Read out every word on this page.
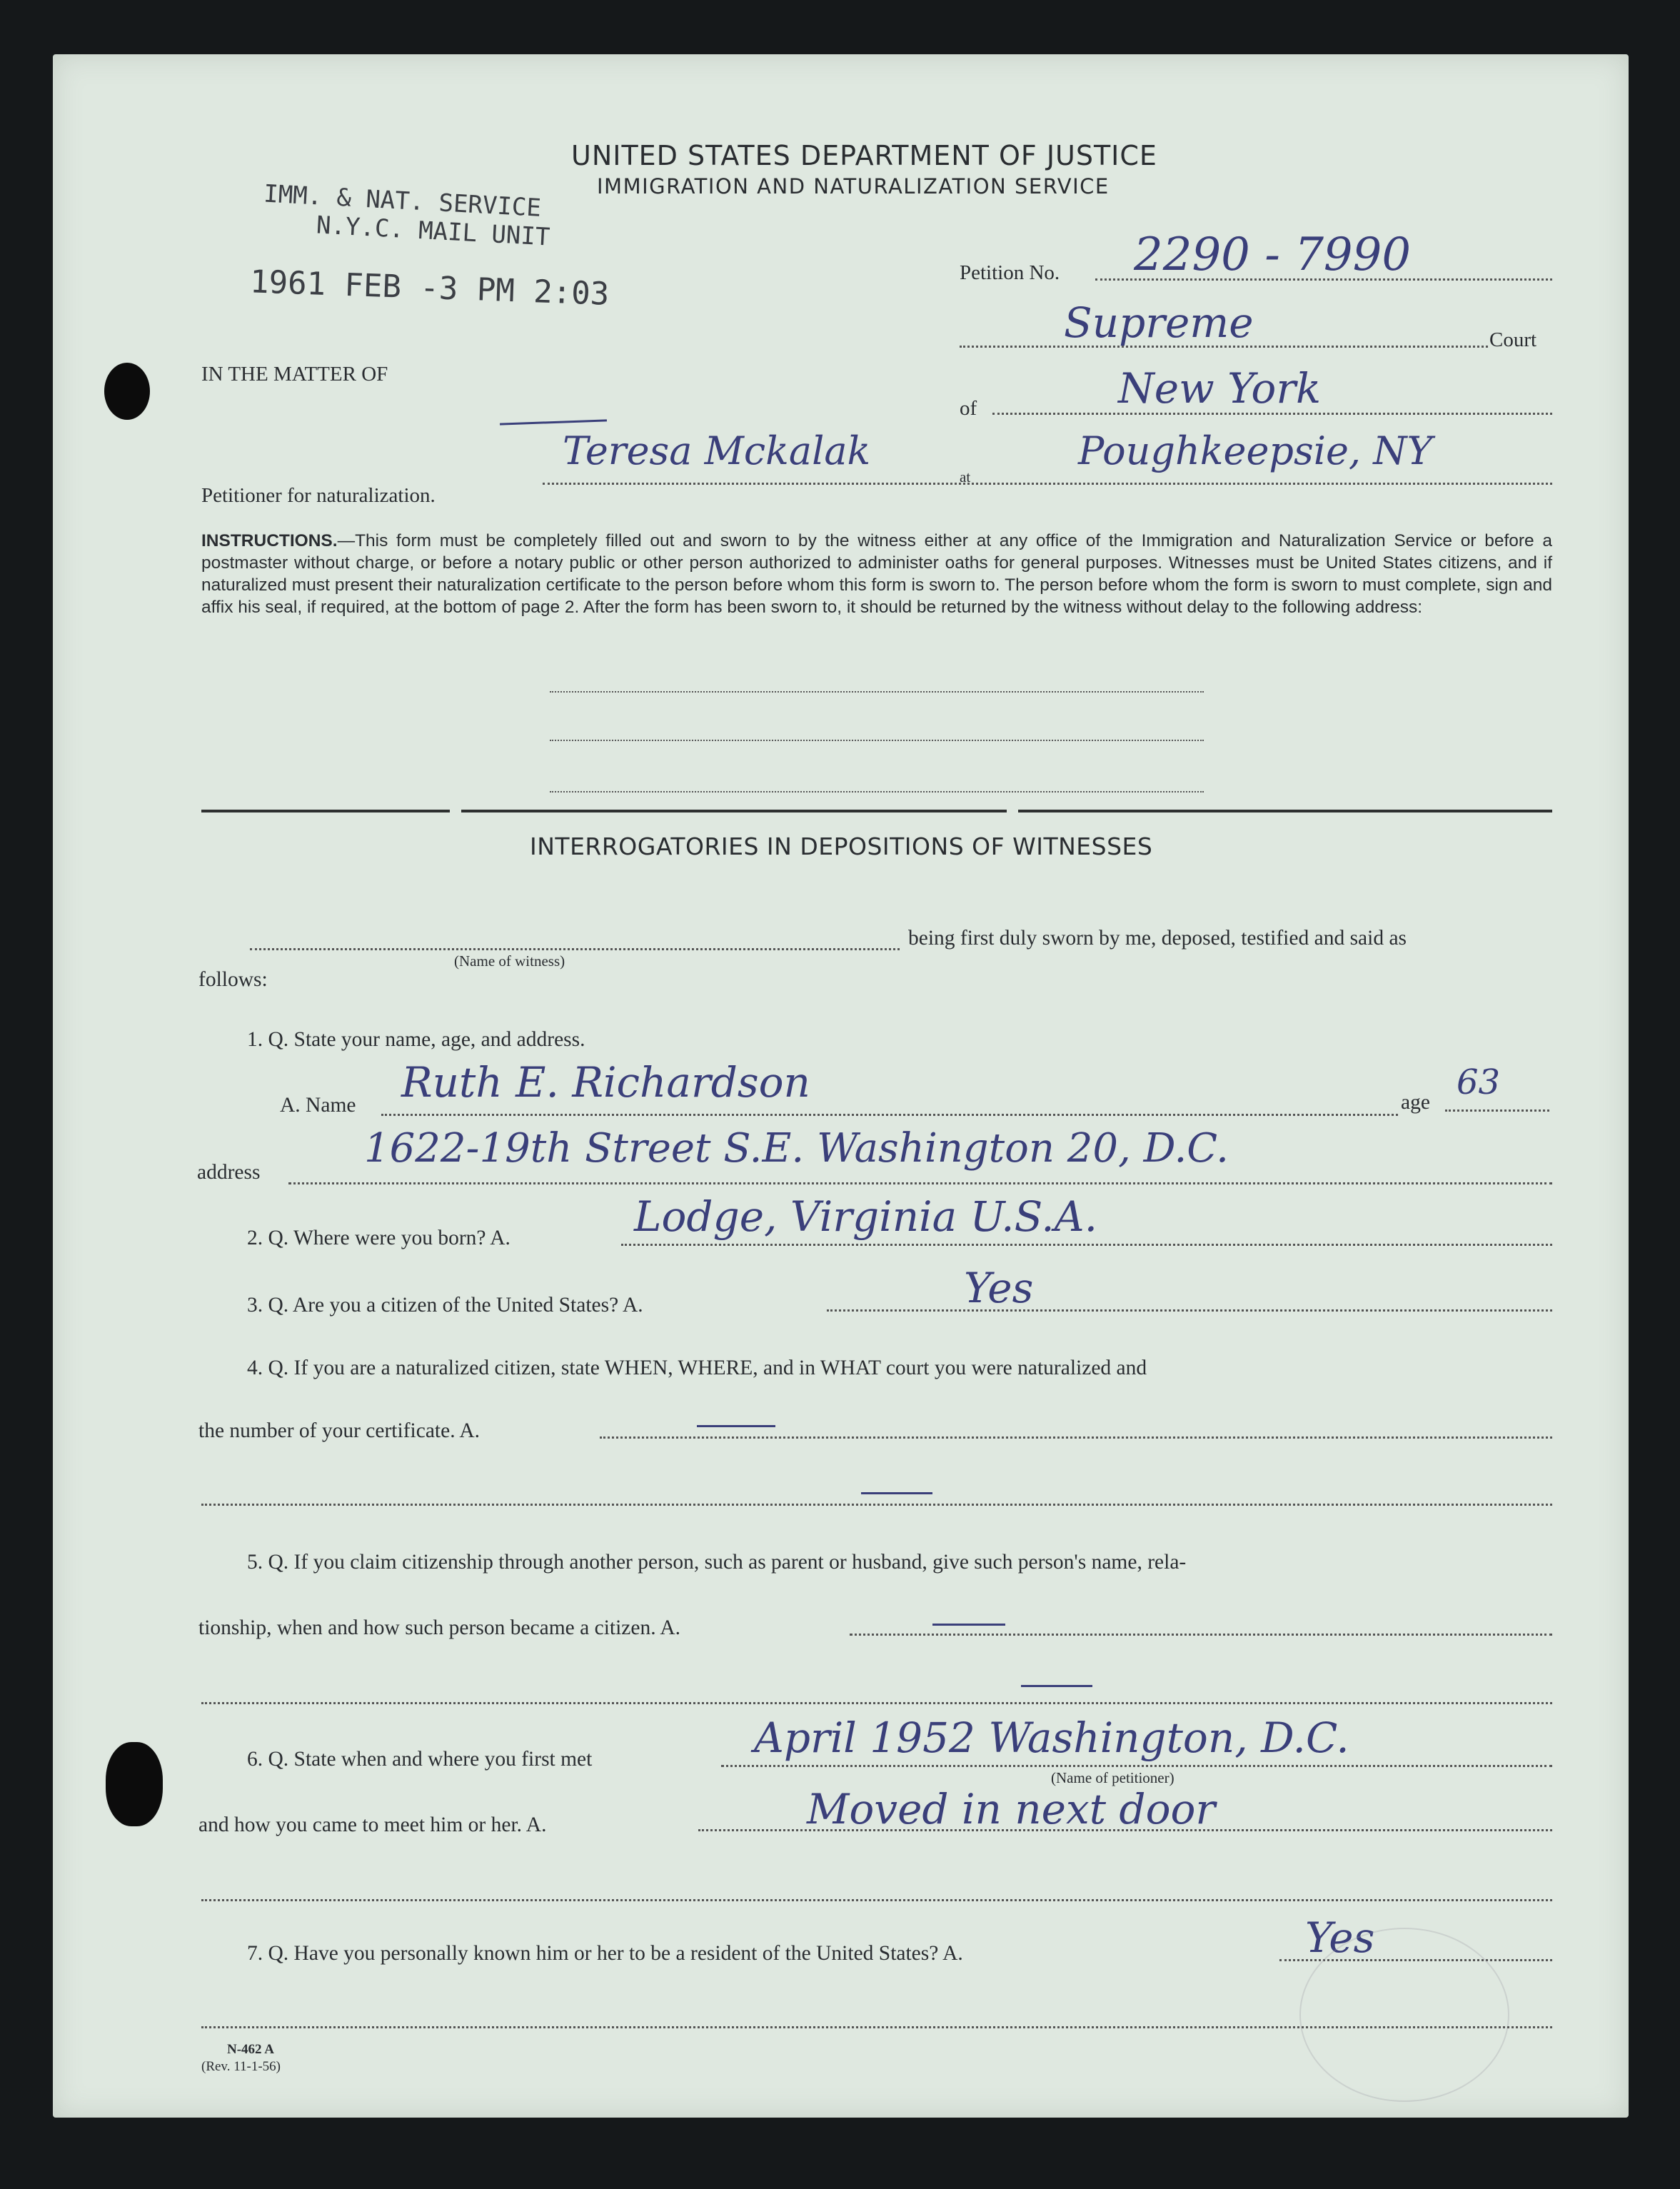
UNITED STATES DEPARTMENT OF JUSTICE
IMMIGRATION AND NATURALIZATION SERVICE
IMM. & NAT. SERVICE
N.Y.C. MAIL UNIT
1961 FEB -3 PM 2:03	Petition No. 2290 - 7990
Supreme	Court
of	New York
IN THE MATTER OF
Teresa Mckalak
at
Poughkeepsie, NY
Petitioner for naturalization.
INSTRUCTIONS.—This form must be completely filled out and sworn to by the witness either at any office of the Immigration and Naturalization Service or before a postmaster without charge, or before a notary public or other person authorized to administer oaths for general purposes. Witnesses must be United States citizens, and if naturalized must present their naturalization certificate to the person before whom this form is sworn to. The person before whom the form is sworn to must complete, sign and affix his seal, if required, at the bottom of page 2. After the form has been sworn to, it should be returned by the witness without delay to the following address:
INTERROGATORIES IN DEPOSITIONS OF WITNESSES
being first duly sworn by me, deposed, testified and said as
(Name of witness)
follows:
1. Q. State your name, age, and address.
A. Name Ruth E. Richardson	age 63
address
1622-19th Street S.E. Washington 20, D.C.
2. Q. Where were you born? A.	Lodge, Virginia U.S.A.
3. Q. Are you a citizen of the United States? A.	Yes
4. Q. If you are a naturalized citizen, state WHEN, WHERE, and in WHAT court you were naturalized and
the number of your certificate. A.
5. Q. If you claim citizenship through another person, such as parent or husband, give such person's name, rela-
tionship, when and how such person became a citizen. A.
6. Q. State when and where you first met	April 1952 Washington, D.C.
(Name of petitioner)
and how you came to meet him or her. A.	Moved in next door
7. Q. Have you personally known him or her to be a resident of the United States? A.	Yes
N-462 A
(Rev. 11-1-56)
